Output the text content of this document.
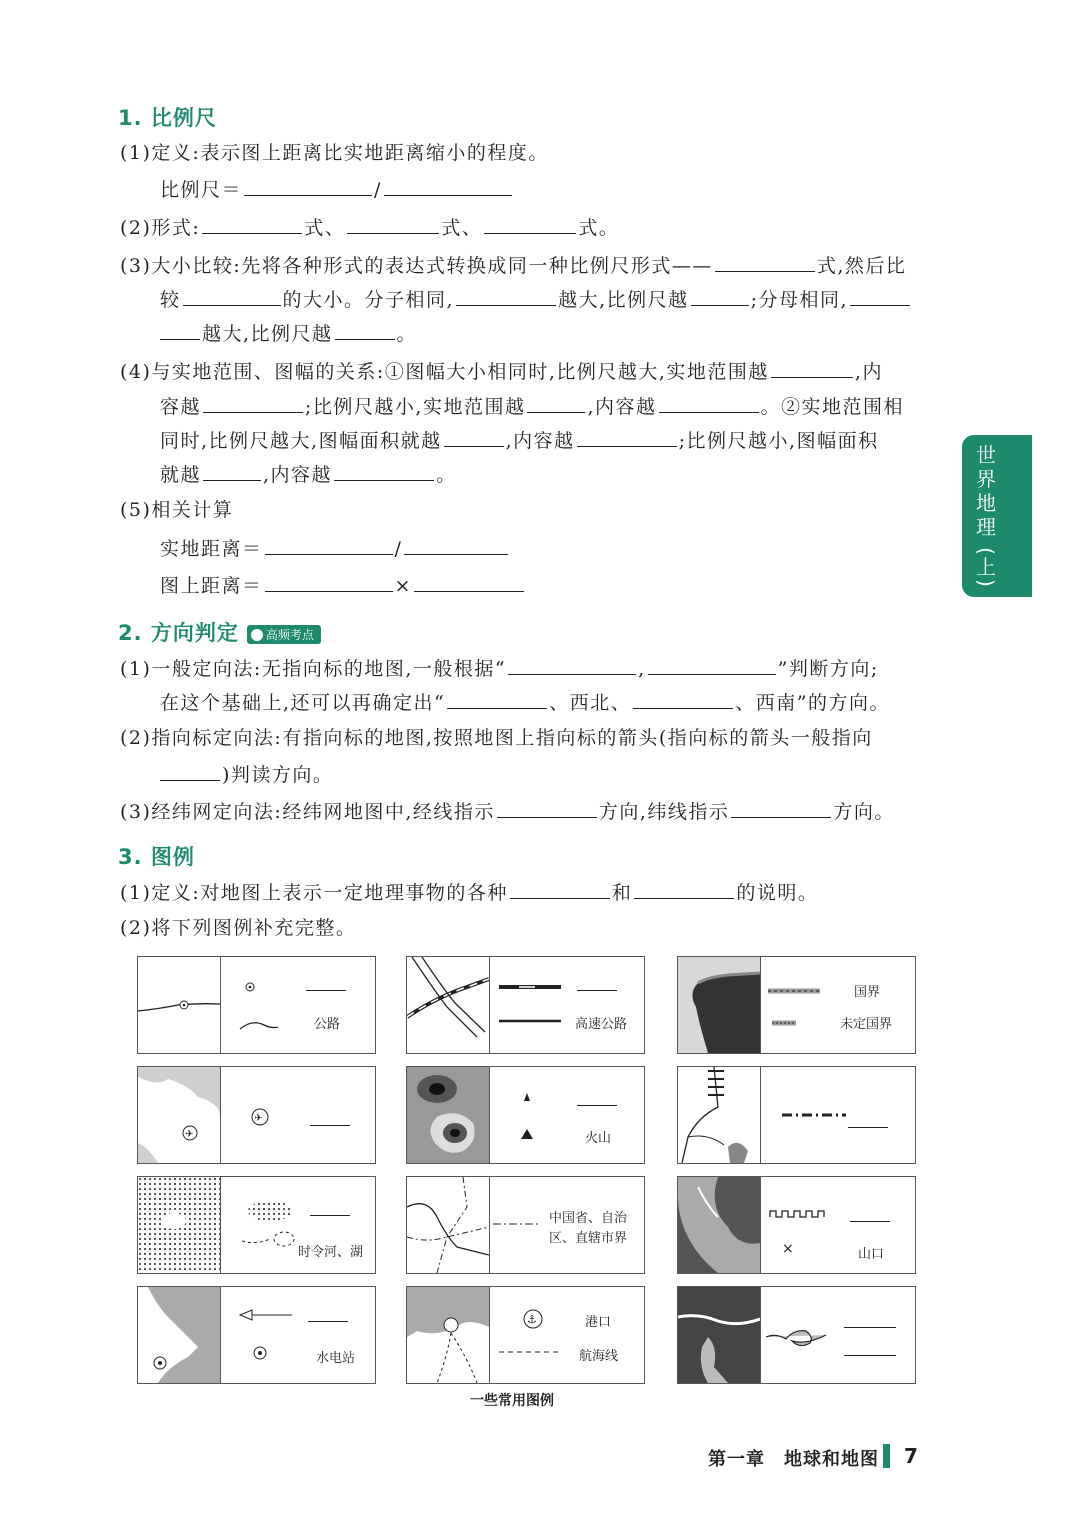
1. 比例尺
(1)定义:表示图上距离比实地距离缩小的程度。
比例尺＝	/
(2)形式:	式、	式、	式。
(3)大小比较:先将各种形式的表达式转换成同一种比例尺形式——	式,然后比
较	的大小。分子相同,	越大,比例尺越	;分母相同,
越大,比例尺越	。
(4)与实地范围、图幅的关系:①图幅大小相同时,比例尺越大,实地范围越	,内
容越	;比例尺越小,实地范围越	,内容越	。②实地范围相
同时,比例尺越大,图幅面积就越	,内容越	;比例尺越小,图幅面积
就越	,内容越	。
(5)相关计算
实地距离＝	/
图上距离＝	×
2. 方向判定 高频考点
(1)一般定向法:无指向标的地图,一般根据“	,	”判断方向;
在这个基础上,还可以再确定出“	、西北、	、西南”的方向。
(2)指向标定向法:有指向标的地图,按照地图上指向标的箭头(指向标的箭头一般指向
)判读方向。
(3)经纬网定向法:经纬网地图中,经线指示	方向,纬线指示	方向。
3. 图例
(1)定义:对地图上表示一定地理事物的各种	和	的说明。
(2)将下列图例补充完整。
世
界
地
理
(
上
)
公路	高速公路
国界
未定国界
✈
✈
火山
时令河、湖
中国省、自治
区、直辖市界
×	山口
水电站
⚓	港口
航海线
一些常用图例
第一章　地球和地图 7
